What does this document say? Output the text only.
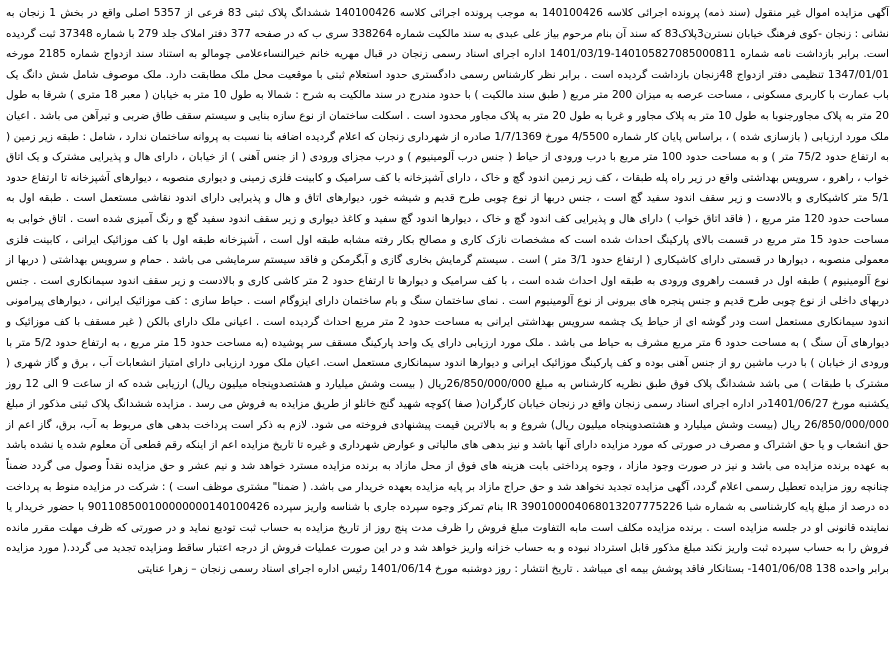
آگهی مزایده اموال غیر منقول (سند ذمه) پرونده اجرائی کلاسه 140100426 به موجب پرونده اجرائی کلاسه 140100426 ششدانگ پلاک ثبتی 83 فرعی از 5357 اصلی واقع در بخش 1 زنجان به نشانی : زنجان -کوی فرهنگ خیابان نسترن3پلاک83 که سند آن بنام مرحوم بیاز علی عبدی به سند مالکیت شماره 338264 سری ب که در صفحه 377 دفتر املاک جلد 279 با شماره 37348 ثبت گردیده است. برابر بازداشت نامه شماره 140105827085000811-1401/03/19 اداره اجرای اسناد رسمی زنجان در قبال مهریه خانم خیرالنساءعلامی چومالو به استناد سند ازدواج شماره 2185 مورخه 1347/01/01 تنظیمی دفتر ازدواج 48زنجان بازداشت گردیده است . برابر نظر کارشناس رسمی دادگستری حدود استعلام ثبتی با موقعیت محل ملک مطابقت دارد. ملک موصوف شامل شش دانگ یک باب عمارت با کاربری مسکونی ، مساحت عرصه به میزان 200 متر مربع ( طبق سند مالکیت ) با حدود مندرج در سند مالکیت به شرح : شمالا به طول 10 متر به خیابان ( معبر 18 متری ) شرقا به طول 20 متر به پلاک مجاورجنوبا به طول 10 متر به پلاک مجاور و غربا به طول 20 متر به پلاک مجاور محدود است . اسکلت ساختمان از نوع سازه بنایی و سیستم سقف طاق ضربی و تیرآهن می باشد . اعیان ملک مورد ارزیابی ( بازسازی شده ) ، براساس پایان کار شماره 4/5500 مورخ 1/7/1369 صادره از شهرداری زنجان که اعلام گردیده اضافه بنا نسبت به پروانه ساختمان ندارد ، شامل : طبقه زیر زمین ( به ارتفاع حدود 75/2 متر ) و به مساحت حدود 100 متر مربع با درب ورودی از حیاط ( جنس درب آلومینیوم ) و درب مجزای ورودی ( از جنس آهنی ) از خیابان ، دارای هال و پذیرایی مشترک و یک اتاق خواب ، راهرو ، سرویس بهداشتی واقع در زیر راه پله طبقات ، کف زیر زمین اندود گچ و خاک ، دارای آشپزخانه با کف سرامیک و کابینت فلزی زمینی و دیواری منصوبه ، دیوارهای آشپزخانه تا ارتفاع حدود 5/1 متر کاشیکاری و بالادست و زیر سقف اندود سفید گچ است ، جنس دربها از نوع چوبی طرح قدیم و شیشه خور، دیوارهای اتاق و هال و پذیرایی دارای اندود نقاشی مستعمل است . طبقه اول به مساحت حدود 120 متر مربع ، ( فاقد اتاق خواب ) دارای هال و پذیرایی کف اندود گچ و خاک ، دیوارها اندود گچ سفید و کاغذ دیواری و زیر سقف اندود سفید گچ و رنگ آمیزی شده است . اتاق خوابی به مساحت حدود 15 متر مربع در قسمت بالای پارکینگ احداث شده است که مشخصات نازک کاری و مصالح بکار رفته مشابه طبقه اول است ، آشپزخانه طبقه اول با کف موزائیک ایرانی ، کابینت فلزی معمولی منصوبه ، دیوارها در قسمتی دارای کاشیکاری ( ارتفاع حدود 3/1 متر ) است . سیستم گرمایش بخاری گازی و آبگرمکن و فاقد سیستم سرمایشی می باشد . حمام و سرویس بهداشتی ( دربها از نوع آلومینیوم ) طبقه اول در قسمت راهروی ورودی به طبقه اول احداث شده است ، با کف سرامیک و دیوارها تا ارتفاع حدود 2 متر کاشی کاری و بالادست و زیر سقف اندود سیمانکاری است . جنس دربهای داخلی از نوع چوبی طرح قدیم و جنس پنجره های بیرونی از نوع آلومینیوم است . نمای ساختمان سنگ و بام ساختمان دارای ایزوگام است . حیاط سازی : کف موزائیک ایرانی ، دیوارهای پیرامونی اندود سیمانکاری مستعمل است ودر گوشه ای از حیاط یک چشمه سرویس بهداشتی ایرانی به مساحت حدود 2 متر مربع احداث گردیده است . اعیانی ملک دارای بالکن ( غیر مسقف با کف موزائیک و دیوارهای آن سنگ ) به مساحت حدود 6 متر مربع مشرف به حیاط می باشد . ملک مورد ارزیابی دارای یک واحد پارکینگ مسقف سر پوشیده (به مساحت حدود 15 متر مربع ، به ارتفاع حدود 5/2 متر با ورودی از خیابان ) با درب ماشین رو از جنس آهنی بوده و کف پارکینگ موزائیک ایرانی و دیوارها اندود سیمانکاری مستعمل است. اعیان ملک مورد ارزیابی دارای امتیاز انشعابات آب ، برق و گاز شهری ( مشترک با طبقات ) می باشد ششدانگ پلاک فوق طبق نظریه کارشناس به مبلغ 26/850/000/000ریال ( بیست وشش میلیارد و هشتصدوپنجاه میلیون ریال) ارزیابی شده که از ساعت 9 الی 12 روز یکشنبه مورخ 1401/06/27در اداره اجرای اسناد رسمی زنجان واقع در زنجان خیابان کارگران( صفا )کوچه شهید گنج خانلو از طریق مزایده به فروش می رسد . مزایده ششدانگ پلاک ثبتی مذکور از مبلغ 26/850/000/000 ریال (بیست وشش میلیارد و هشتصدوپنجاه میلیون ریال) شروع و به بالاترین قیمت پیشنهادی فروخته می شود. لازم به ذکر است پرداخت بدهی های مربوط به آب، برق، گاز اعم از حق انشعاب و یا حق اشتراک و مصرف در صورتی که مورد مزایده دارای آنها باشد و نیز بدهی های مالیاتی و عوارض شهرداری و غیره تا تاریخ مزایده اعم از اینکه رقم قطعی آن معلوم شده یا نشده باشد به عهده برنده مزایده می باشد و نیز در صورت وجود مازاد ، وجوه پرداختی بابت هزینه های فوق از محل مازاد به برنده مزایده مسترد خواهد شد و نیم عشر و حق مزایده نقداً وصول می گردد ضمناً چنانچه روز مزایده تعطیل رسمی اعلام گردد، آگهی مزایده تجدید نخواهد شد و حق حراج مازاد بر پایه مزایده بعهده خریدار می باشد. ( ضمنا" مشتری موظف است ) : شرکت در مزایده منوط به پرداخت ده درصد از مبلغ پایه کارشناسی به شماره شبا IR 390100004068013207775226 بنام تمرکز وجوه سپرده جاری با شناسه واریز سپرده 901108500100000000140100426 با حضور خریدار یا نماینده قانونی او در جلسه مزایده است . برنده مزایده مکلف است مابه التفاوت مبلغ فروش را ظرف مدت پنج روز از تاریخ مزایده به حساب ثبت تودیع نماید و در صورتی که ظرف مهلت مقرر مانده فروش را به حساب سپرده ثبت واریز نکند مبلغ مذکور قابل استرداد نبوده و به حساب خزانه واریز خواهد شد و در این صورت عملیات فروش از درجه اعتبار ساقط ومزایده تجدید می گردد.( مورد مزایده برابر واحده 138 1401/06/08- بستانکار فاقد پوشش بیمه ای میباشد . تاریخ انتشار : روز دوشنبه مورخ 1401/06/14 رئیس اداره اجرای اسناد رسمی زنجان – زهرا عنایتی
